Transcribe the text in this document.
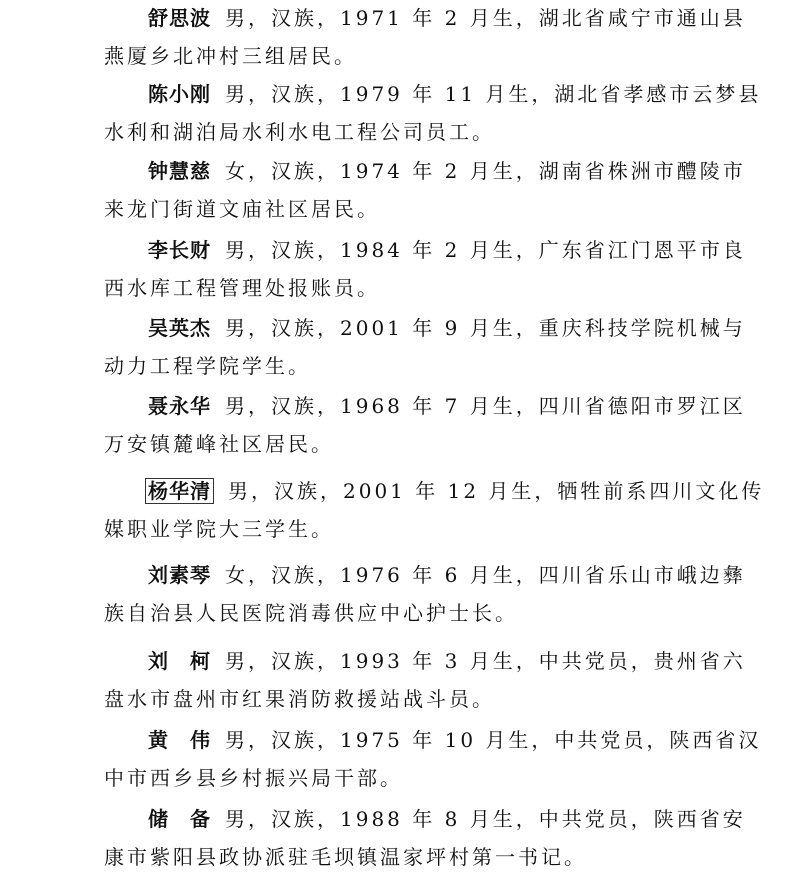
舒思波 男，汉族，1971 年 2 月生，湖北省咸宁市通山县
燕厦乡北冲村三组居民。
陈小刚 男，汉族，1979 年 11 月生，湖北省孝感市云梦县
水利和湖泊局水利水电工程公司员工。
钟慧慈 女，汉族，1974 年 2 月生，湖南省株洲市醴陵市
来龙门街道文庙社区居民。
李长财 男，汉族，1984 年 2 月生，广东省江门恩平市良
西水库工程管理处报账员。
吴英杰 男，汉族，2001 年 9 月生，重庆科技学院机械与
动力工程学院学生。
聂永华 男，汉族，1968 年 7 月生，四川省德阳市罗江区
万安镇麓峰社区居民。
杨华清 男，汉族，2001 年 12 月生，牺牲前系四川文化传
媒职业学院大三学生。
刘素琴 女，汉族，1976 年 6 月生，四川省乐山市峨边彝
族自治县人民医院消毒供应中心护士长。
刘　柯 男，汉族，1993 年 3 月生，中共党员，贵州省六
盘水市盘州市红果消防救援站战斗员。
黄　伟 男，汉族，1975 年 10 月生，中共党员，陕西省汉
中市西乡县乡村振兴局干部。
储　备 男，汉族，1988 年 8 月生，中共党员，陕西省安
康市紫阳县政协派驻毛坝镇温家坪村第一书记。
